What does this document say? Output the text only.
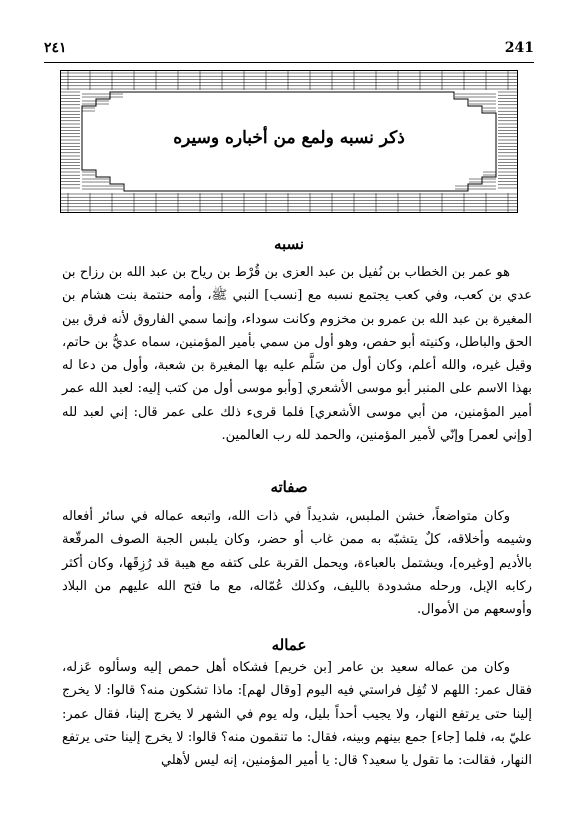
٢٤١	241
ذكر نسبه ولمع من أخباره وسيره
نسبه

هو عمر بن الخطاب بن نُفيل بن عبد العزى بن قُرْط بن رياح بن عبد الله بن رزاح بن عدي بن كعب، وفي كعب يجتمع نسبه مع [نسب] النبي ﷺ، وأمه حنتمة بنت هشام بن المغيرة بن عبد الله بن عمرو بن مخزوم وكانت سوداء، وإنما سمي الفاروق لأنه فرق بين الحق والباطل، وكنيته أبو حفص، وهو أول من سمي بأمير المؤمنين، سماه عديُّ بن حاتم، وقيل غيره، والله أعلم، وكان أول من سَلَّم عليه بها المغيرة بن شعبة، وأول من دعا له بهذا الاسم على المنبر أبو موسى الأشعري [وأبو موسى أول من كتب إليه: لعبد الله عمر أمير المؤمنين، من أبي موسى الأشعري] فلما قرىء ذلك على عمر قال: إني لعبد لله [وإني لعمر] وإنّي لأمير المؤمنين، والحمد لله رب العالمين.

صفاته

وكان متواضعاً، خشن الملبس، شديداً في ذات الله، واتبعه عماله في سائر أفعاله وشيمه وأخلاقه، كلٌ يتشبّه به ممن غاب أو حضر، وكان يلبس الجبة الصوف المرقّعة بالأديم [وغيره]، ويشتمل بالعباءة، ويحمل القربة على كتفه مع هيبة قد رُزِقَها، وكان أكثر ركابه الإبل، ورحله مشدودة بالليف، وكذلك عُمّاله، مع ما فتح الله عليهم من البلاد وأوسعهم من الأموال.

عماله

وكان من عماله سعيد بن عامر [بن خريم] فشكاه أهل حمص إليه وسألوه عَزله، فقال عمر: اللهم لا تُفِل فراستي فيه اليوم [وقال لهم]: ماذا تشكون منه؟ قالوا: لا يخرج إلينا حتى يرتفع النهار، ولا يجيب أحداً بليل، وله يوم في الشهر لا يخرج إلينا، فقال عمر: عليّ به، فلما [جاء] جمع بينهم وبينه، فقال: ما تنقمون منه؟ قالوا: لا يخرج إلينا حتى يرتفع النهار، فقالت: ما تقول يا سعيد؟ قال: يا أمير المؤمنين، إنه ليس لأهلي
